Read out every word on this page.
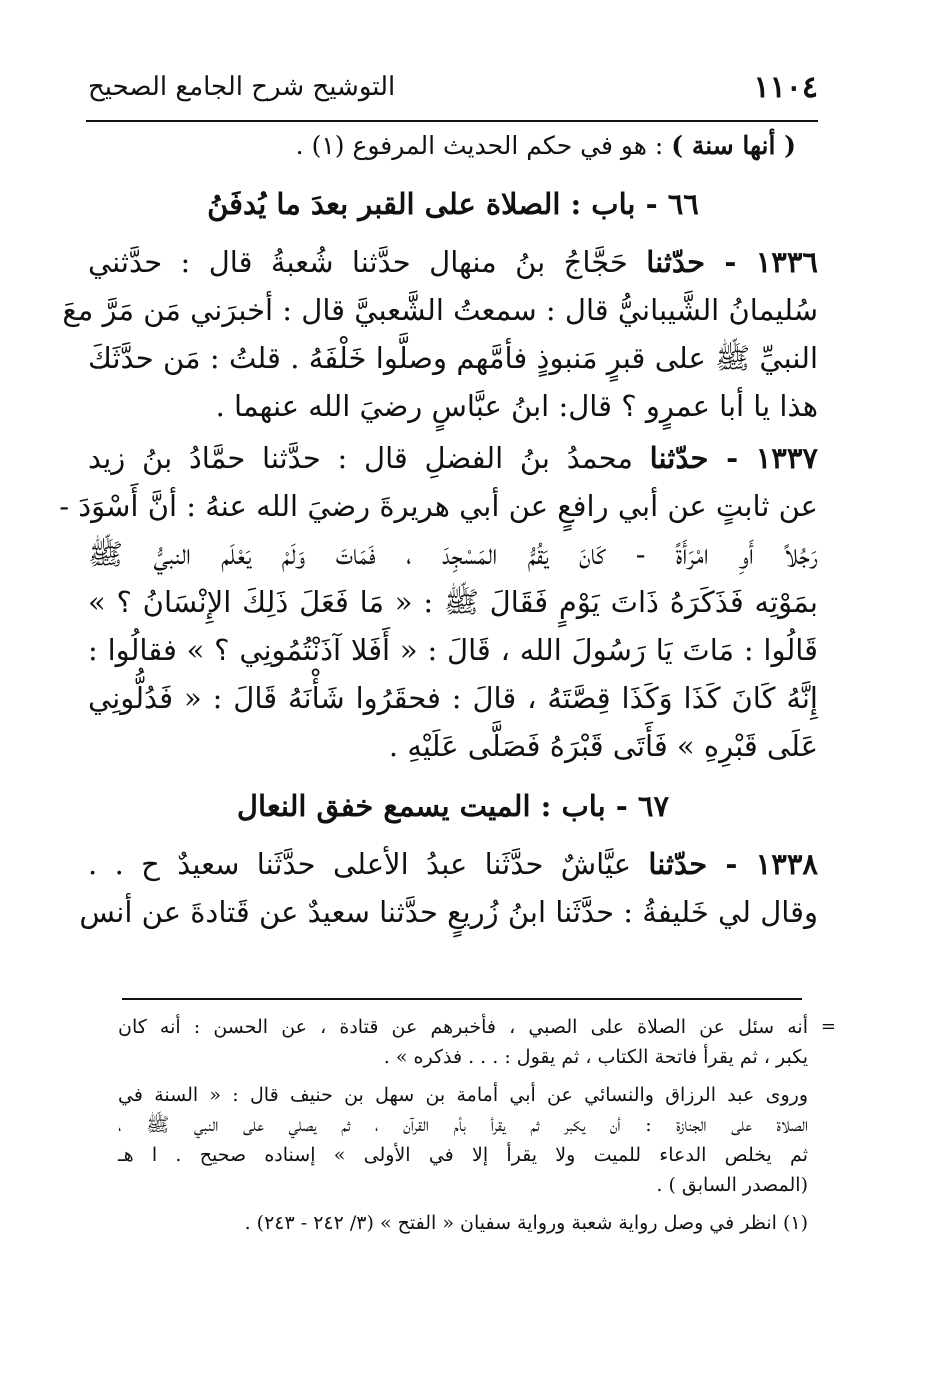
١١٠٤
التوشيح شرح الجامع الصحيح
( أنها سنة ) : هو في حكم الحديث المرفوع (١) .
٦٦ - باب : الصلاة على القبر بعدَ ما يُدفَنُ
١٣٣٦ - حدّثنا حَجَّاجُ بنُ منهال حدَّثنا شُعبةُ قال : حدَّثني
سُليمانُ الشَّيبانيُّ قال : سمعتُ الشَّعبيَّ قال : أخبرَني مَن مَرَّ معَ
النبيِّ ﷺ على قبرٍ مَنبوذٍ فأمَّهم وصلَّوا خَلْفَهُ . قلتُ : مَن حدَّثَكَ
هذا يا أبا عمرٍو ؟ قال: ابنُ عبَّاسٍ رضيَ الله عنهما .
١٣٣٧ - حدّثنا محمدُ بنُ الفضلِ قال : حدَّثنا حمَّادُ بنُ زيد
عن ثابتٍ عن أبي رافعٍ عن أبي هريرةَ رضيَ الله عنهُ : أنَّ أَسْوَدَ -
رَجُلاً أَوِ امْرَأَةً - كَانَ يَقُمُّ المَسْجِدَ ، فَمَاتَ وَلَمْ يَعْلَم النبيُّ ﷺ
بمَوْتِه فَذَكَرَهُ ذَاتَ يَوْمٍ فَقَالَ ﷺ : « مَا فَعَلَ ذَلِكَ الإِنْسَانُ ؟ »
قَالُوا : مَاتَ يَا رَسُولَ الله ، قَالَ : « أَفَلا آذَنْتُمُونِي ؟ » فقالُوا :
إِنَّهُ كَانَ كَذَا وَكَذَا قِصَّتَهُ ، قالَ : فحقَرُوا شَأْنَهُ قَالَ : « فَدُلُّونِي
عَلَى قَبْرِهِ » فَأَتَى قَبْرَهُ فَصَلَّى عَلَيْهِ .
٦٧ - باب : الميت يسمع خفق النعال
١٣٣٨ - حدّثنا عيَّاشٌ حدَّثَنا عبدُ الأعلى حدَّثَنا سعيدٌ ح . .
وقال لي خَليفةُ : حدَّثَنا ابنُ زُريعٍ حدَّثنا سعيدٌ عن قَتادةَ عن أنس
=
أنه سئل عن الصلاة على الصبي ، فأخبرهم عن قتادة ، عن الحسن : أنه كان
يكبر ، ثم يقرأ فاتحة الكتاب ، ثم يقول : . . . فذكره » .
وروى عبد الرزاق والنسائي عن أبي أمامة بن سهل بن حنيف قال : « السنة في
الصلاة على الجنازة : أن يكبر ثم يقرأ بأم القرآن ، ثم يصلي على النبي ﷺ ،
ثم يخلص الدعاء للميت ولا يقرأ إلا في الأولى » إسناده صحيح . ا هـ
(المصدر السابق ) .
(١) انظر في وصل رواية شعبة ورواية سفيان « الفتح » (٣/ ٢٤٢ - ٢٤٣) .
